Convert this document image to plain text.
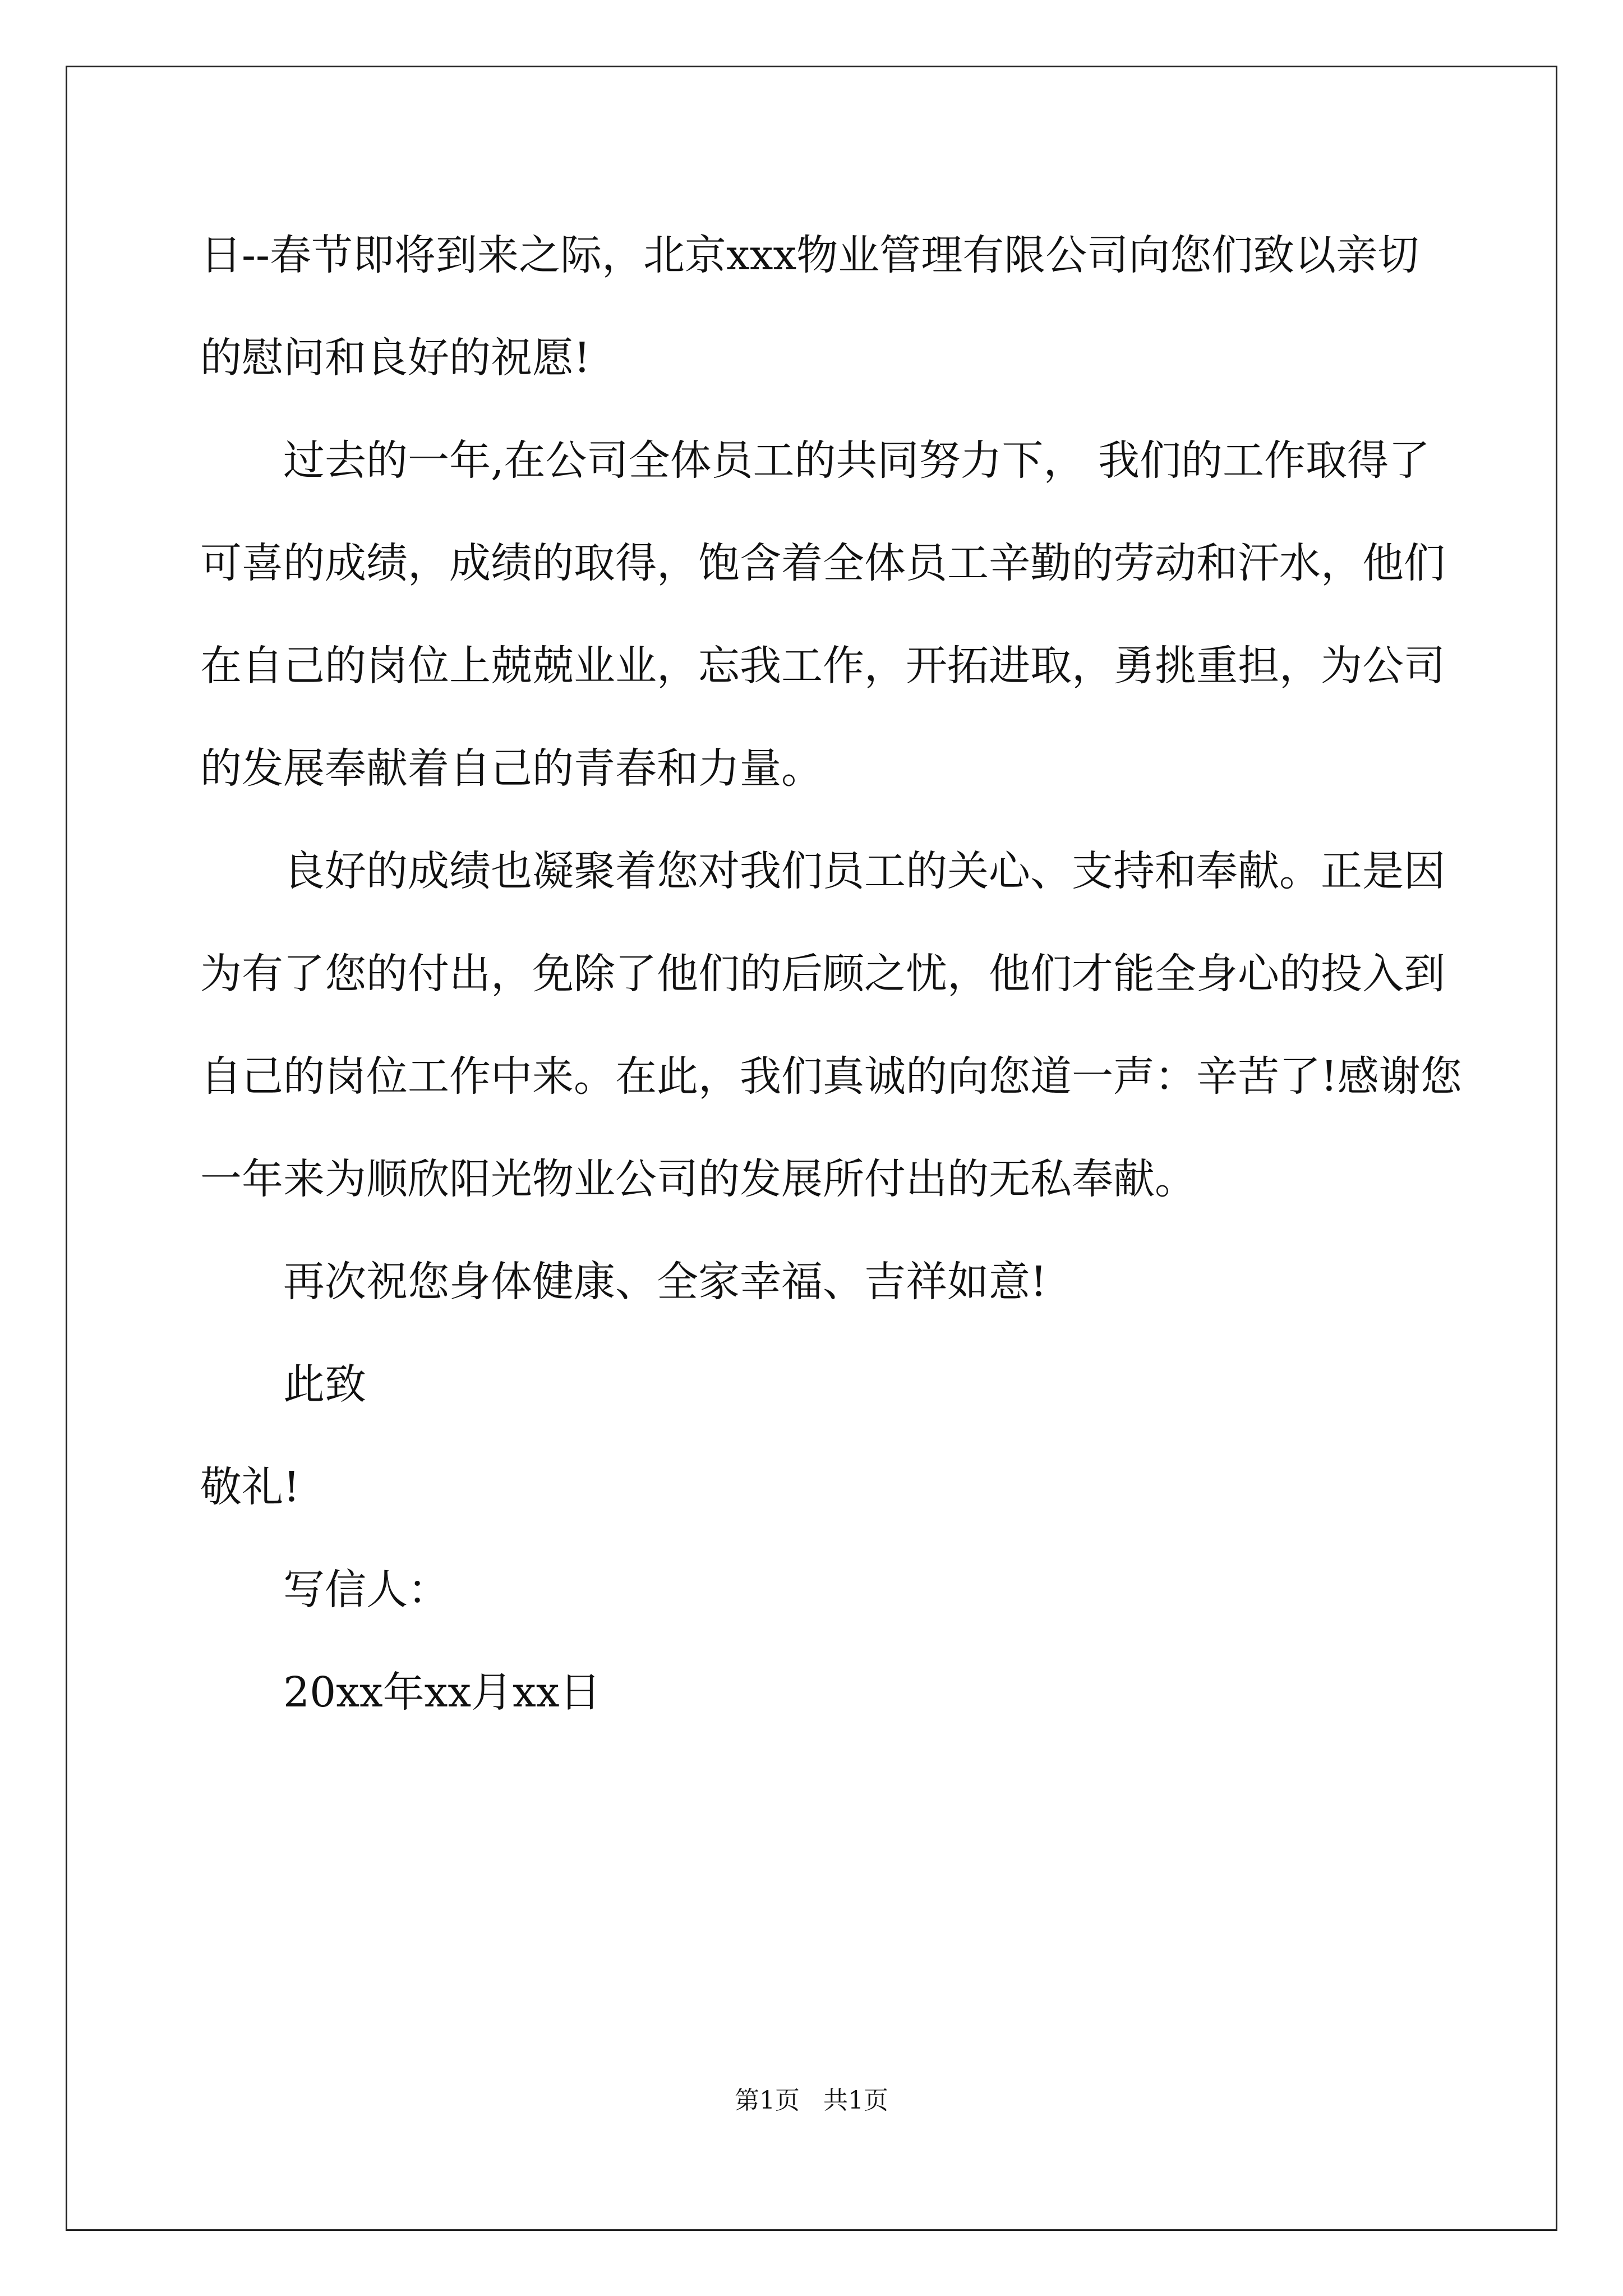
日--春节即将到来之际，北京xxx物业管理有限公司向您们致以亲切
的慰问和良好的祝愿!
过去的一年,在公司全体员工的共同努力下， 我们的工作取得了
可喜的成绩，成绩的取得，饱含着全体员工辛勤的劳动和汗水，他们
在自己的岗位上兢兢业业，忘我工作，开拓进取，勇挑重担，为公司
的发展奉献着自己的青春和力量。
良好的成绩也凝聚着您对我们员工的关心、支持和奉献。正是因
为有了您的付出，免除了他们的后顾之忧，他们才能全身心的投入到
自己的岗位工作中来。在此，我们真诚的向您道一声：辛苦了!感谢您
一年来为顺欣阳光物业公司的发展所付出的无私奉献。
再次祝您身体健康、全家幸福、吉祥如意!
此致
敬礼!
写信人：
20xx年xx月xx日
第1页 共1页
